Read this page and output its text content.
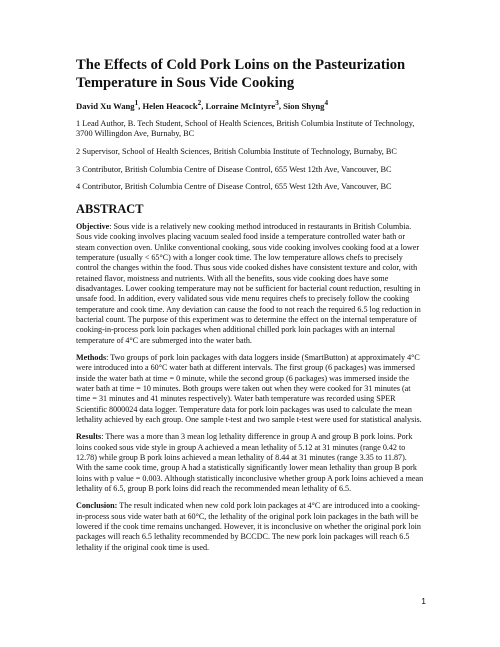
The Effects of Cold Pork Loins on the Pasteurization Temperature in Sous Vide Cooking
David Xu Wang$^1$, Helen Heacock$^2$, Lorraine McIntyre$^3$, Sion Shyng$^4$

1 Lead Author, B. Tech Student, School of Health Sciences, British Columbia Institute of Technology, 3700 Willingdon Ave, Burnaby, BC

2 Supervisor, School of Health Sciences, British Columbia Institute of Technology, Burnaby, BC

3 Contributor, British Columbia Centre of Disease Control, 655 West 12th Ave, Vancouver, BC

4 Contributor, British Columbia Centre of Disease Control, 655 West 12th Ave, Vancouver, BC

ABSTRACT

Objective: Sous vide is a relatively new cooking method introduced in restaurants in British Columbia. Sous vide cooking involves placing vacuum sealed food inside a temperature controlled water bath or steam convection oven. Unlike conventional cooking, sous vide cooking involves cooking food at a lower temperature (usually < 65°C) with a longer cook time. The low temperature allows chefs to precisely control the changes within the food. Thus sous vide cooked dishes have consistent texture and color, with retained flavor, moistness and nutrients. With all the benefits, sous vide cooking does have some disadvantages. Lower cooking temperature may not be sufficient for bacterial count reduction, resulting in unsafe food. In addition, every validated sous vide menu requires chefs to precisely follow the cooking temperature and cook time. Any deviation can cause the food to not reach the required 6.5 log reduction in bacterial count. The purpose of this experiment was to determine the effect on the internal temperature of cooking-in-process pork loin packages when additional chilled pork loin packages with an internal temperature of 4°C are submerged into the water bath.

Methods: Two groups of pork loin packages with data loggers inside (SmartButton) at approximately 4°C were introduced into a 60°C water bath at different intervals. The first group (6 packages) was immersed inside the water bath at time = 0 minute, while the second group (6 packages) was immersed inside the water bath at time = 10 minutes. Both groups were taken out when they were cooked for 31 minutes (at time = 31 minutes and 41 minutes respectively). Water bath temperature was recorded using SPER Scientific 8000024 data logger. Temperature data for pork loin packages was used to calculate the mean lethality achieved by each group. One sample t-test and two sample t-test were used for statistical analysis.

Results: There was a more than 3 mean log lethality difference in group A and group B pork loins. Pork loins cooked sous vide style in group A achieved a mean lethality of 5.12 at 31 minutes (range 0.42 to 12.78) while group B pork loins achieved a mean lethality of 8.44 at 31 minutes (range 3.35 to 11.87). With the same cook time, group A had a statistically significantly lower mean lethality than group B pork loins with p value = 0.003. Although statistically inconclusive whether group A pork loins achieved a mean lethality of 6.5, group B pork loins did reach the recommended mean lethality of 6.5.

Conclusion: The result indicated when new cold pork loin packages at 4°C are introduced into a cooking-in-process sous vide water bath at 60°C, the lethality of the original pork loin packages in the bath will be lowered if the cook time remains unchanged. However, it is inconclusive on whether the original pork loin packages will reach 6.5 lethality recommended by BCCDC. The new pork loin packages will reach 6.5 lethality if the original cook time is used.

1
